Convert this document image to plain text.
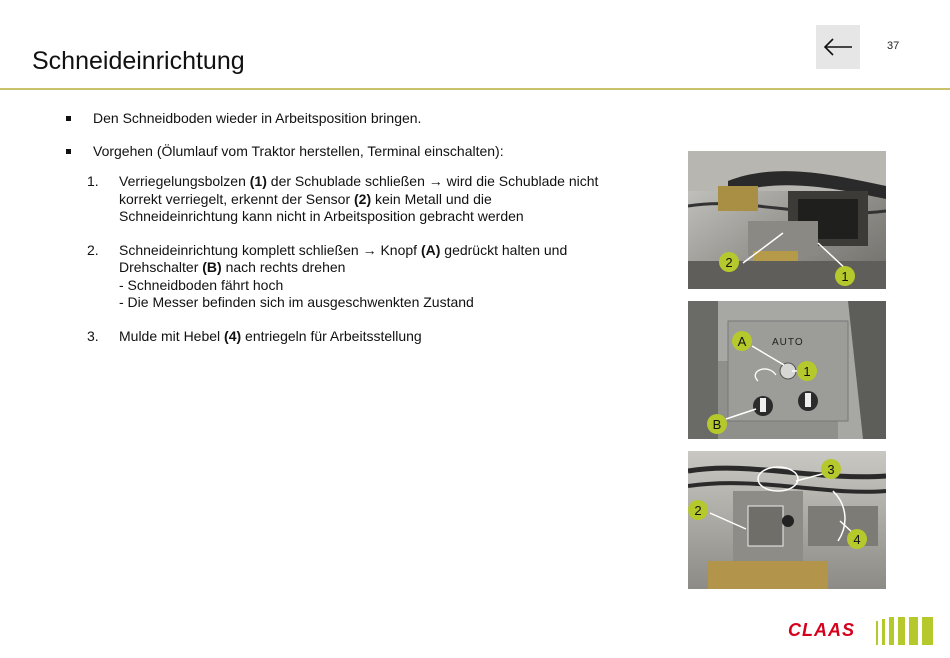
Schneideinrichtung
37
Den Schneidboden wieder in Arbeitsposition bringen.
Vorgehen (Ölumlauf vom Traktor herstellen, Terminal einschalten):
1.	Verriegelungsbolzen (1) der Schublade schließen → wird die Schublade nicht
korrekt verriegelt, erkennt der Sensor (2) kein Metall und die
Schneideinrichtung kann nicht in Arbeitsposition gebracht werden
2.	Schneideinrichtung komplett schließen → Knopf (A) gedrückt halten und
Drehschalter (B) nach rechts drehen
- Schneidboden fährt hoch
- Die Messer befinden sich im ausgeschwenkten Zustand
3.	Mulde mit Hebel (4) entriegeln für Arbeitsstellung
2
1
AUTO
A
1
B
3
2
4
CLAAS
